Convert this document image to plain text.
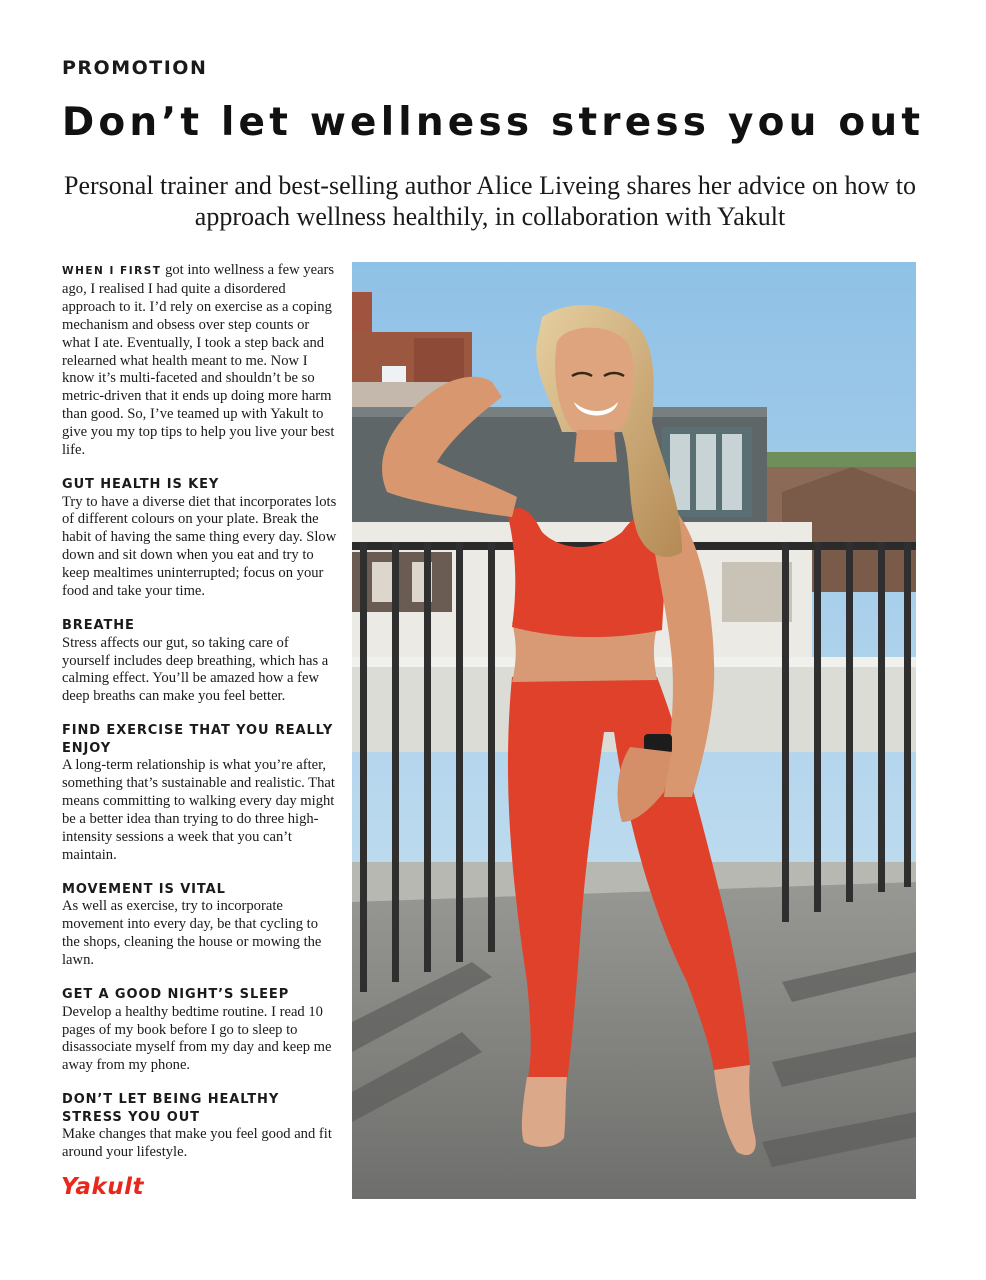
PROMOTION
Don’t let wellness stress you out

Personal trainer and best-selling author Alice Liveing shares her advice on how to approach wellness healthily, in collaboration with Yakult

WHEN I FIRST got into wellness a few years ago, I realised I had quite a disordered approach to it. I’d rely on exercise as a coping mechanism and obsess over step counts or what I ate. Eventually, I took a step back and relearned what health meant to me. Now I know it’s multi-faceted and shouldn’t be so metric-driven that it ends up doing more harm than good. So, I’ve teamed up with Yakult to give you my top tips to help you live your best life.

GUT HEALTH IS KEY

Try to have a diverse diet that incorporates lots of different colours on your plate. Break the habit of having the same thing every day. Slow down and sit down when you eat and try to keep mealtimes uninterrupted; focus on your food and take your time.

BREATHE

Stress affects our gut, so taking care of yourself includes deep breathing, which has a calming effect. You’ll be amazed how a few deep breaths can make you feel better.

FIND EXERCISE THAT YOU REALLY ENJOY

A long-term relationship is what you’re after, something that’s sustainable and realistic. That means committing to walking every day might be a better idea than trying to do three high-intensity sessions a week that you can’t maintain.

MOVEMENT IS VITAL

As well as exercise, try to incorporate movement into every day, be that cycling to the shops, cleaning the house or mowing the lawn.

GET A GOOD NIGHT’S SLEEP

Develop a healthy bedtime routine. I read 10 pages of my book before I go to sleep to disassociate myself from my day and keep me away from my phone.

DON’T LET BEING HEALTHY STRESS YOU OUT

Make changes that make you feel good and fit around your lifestyle.

Yakult
